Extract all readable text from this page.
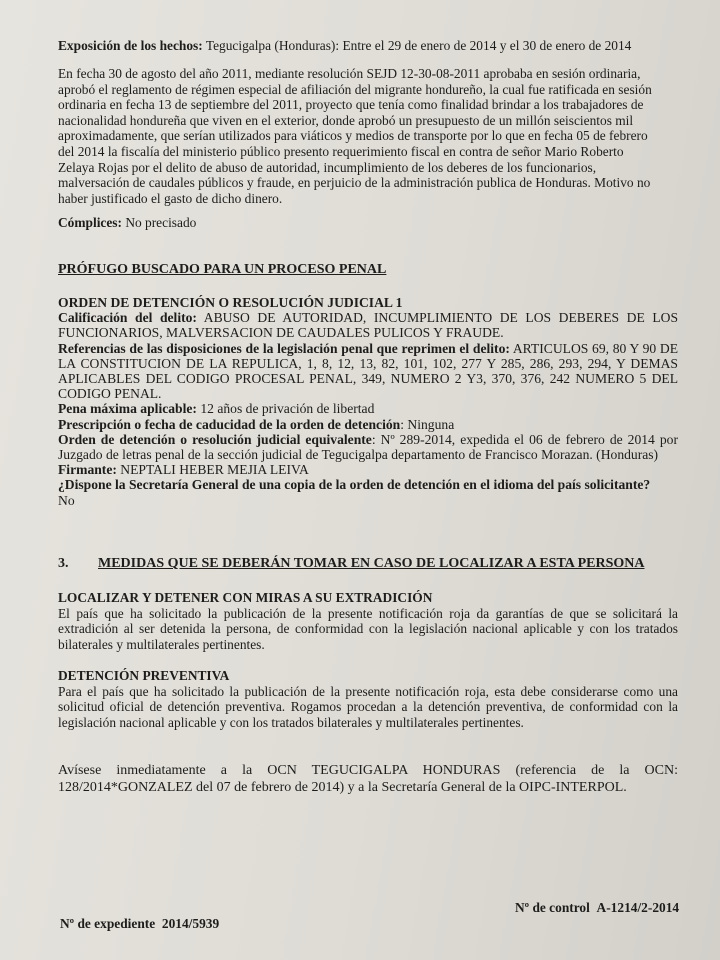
Exposición de los hechos: Tegucigalpa (Honduras): Entre el 29 de enero de 2014 y el 30 de enero de 2014
En fecha 30 de agosto del año 2011, mediante resolución SEJD 12-30-08-2011 aprobaba en sesión ordinaria,
aprobó el reglamento de régimen especial de afiliación del migrante hondureño, la cual fue ratificada en sesión
ordinaria en fecha 13 de septiembre del 2011, proyecto que tenía como finalidad brindar a los trabajadores de
nacionalidad hondureña que viven en el exterior, donde aprobó un presupuesto de un millón seiscientos mil
aproximadamente, que serían utilizados para viáticos y medios de transporte por lo que en fecha 05 de febrero
del 2014 la fiscalía del ministerio público presento requerimiento fiscal en contra de señor Mario Roberto
Zelaya Rojas por el delito de abuso de autoridad, incumplimiento de los deberes de los funcionarios,
malversación de caudales públicos y fraude, en perjuicio de la administración publica de Honduras. Motivo no
haber justificado el gasto de dicho dinero.
Cómplices: No precisado
PRÓFUGO BUSCADO PARA UN PROCESO PENAL
ORDEN DE DETENCIÓN O RESOLUCIÓN JUDICIAL 1
Calificación del delito: ABUSO DE AUTORIDAD, INCUMPLIMIENTO DE LOS DEBERES DE LOS FUNCIONARIOS, MALVERSACION DE CAUDALES PULICOS Y FRAUDE.
Referencias de las disposiciones de la legislación penal que reprimen el delito: ARTICULOS 69, 80 Y 90 DE LA CONSTITUCION DE LA REPULICA, 1, 8, 12, 13, 82, 101, 102, 277 Y 285, 286, 293, 294, Y DEMAS APLICABLES DEL CODIGO PROCESAL PENAL, 349, NUMERO 2 Y3, 370, 376, 242 NUMERO 5 DEL CODIGO PENAL.
Pena máxima aplicable: 12 años de privación de libertad
Prescripción o fecha de caducidad de la orden de detención: Ninguna
Orden de detención o resolución judicial equivalente: Nº 289-2014, expedida el 06 de febrero de 2014 por Juzgado de letras penal de la sección judicial de Tegucigalpa departamento de Francisco Morazan. (Honduras)
Firmante: NEPTALI HEBER MEJIA LEIVA
¿Dispone la Secretaría General de una copia de la orden de detención en el idioma del país solicitante?
No
3. MEDIDAS QUE SE DEBERÁN TOMAR EN CASO DE LOCALIZAR A ESTA PERSONA
LOCALIZAR Y DETENER CON MIRAS A SU EXTRADICIÓN
El país que ha solicitado la publicación de la presente notificación roja da garantías de que se solicitará la extradición al ser detenida la persona, de conformidad con la legislación nacional aplicable y con los tratados bilaterales y multilaterales pertinentes.
DETENCIÓN PREVENTIVA
Para el país que ha solicitado la publicación de la presente notificación roja, esta debe considerarse como una solicitud oficial de detención preventiva. Rogamos procedan a la detención preventiva, de conformidad con la legislación nacional aplicable y con los tratados bilaterales y multilaterales pertinentes.
Avísese inmediatamente a la OCN TEGUCIGALPA HONDURAS (referencia de la OCN: 128/2014*GONZALEZ del 07 de febrero de 2014) y a la Secretaría General de la OIPC-INTERPOL.
Nº de expediente 2014/5939
Nº de control A-1214/2-2014
